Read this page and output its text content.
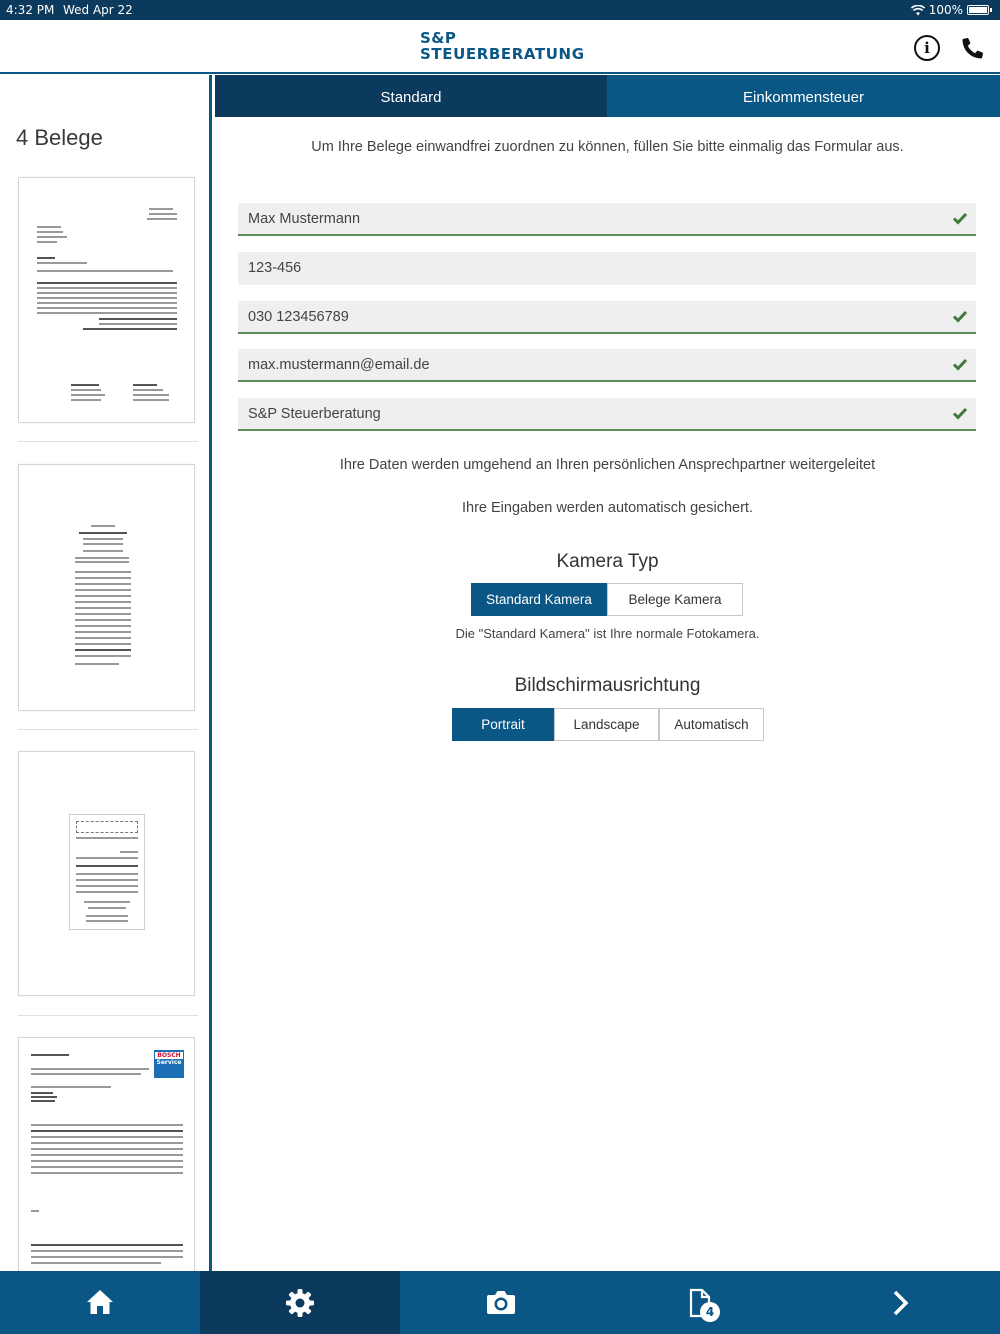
4:32 PM Wed Apr 22	100%
S&P
STEUERBERATUNG	i
4 Belege
BOSCH
Service
Standard	Einkommensteuer
Um Ihre Belege einwandfrei zuordnen zu können, füllen Sie bitte einmalig das Formular aus.
Max Mustermann
123-456
030 123456789
max.mustermann@email.de
S&P Steuerberatung
Ihre Daten werden umgehend an Ihren persönlichen Ansprechpartner weitergeleitet
Ihre Eingaben werden automatisch gesichert.
Kamera Typ
Standard Kamera	Belege Kamera
Die "Standard Kamera" ist Ihre normale Fotokamera.
Bildschirmausrichtung
Portrait	Landscape	Automatisch
4
